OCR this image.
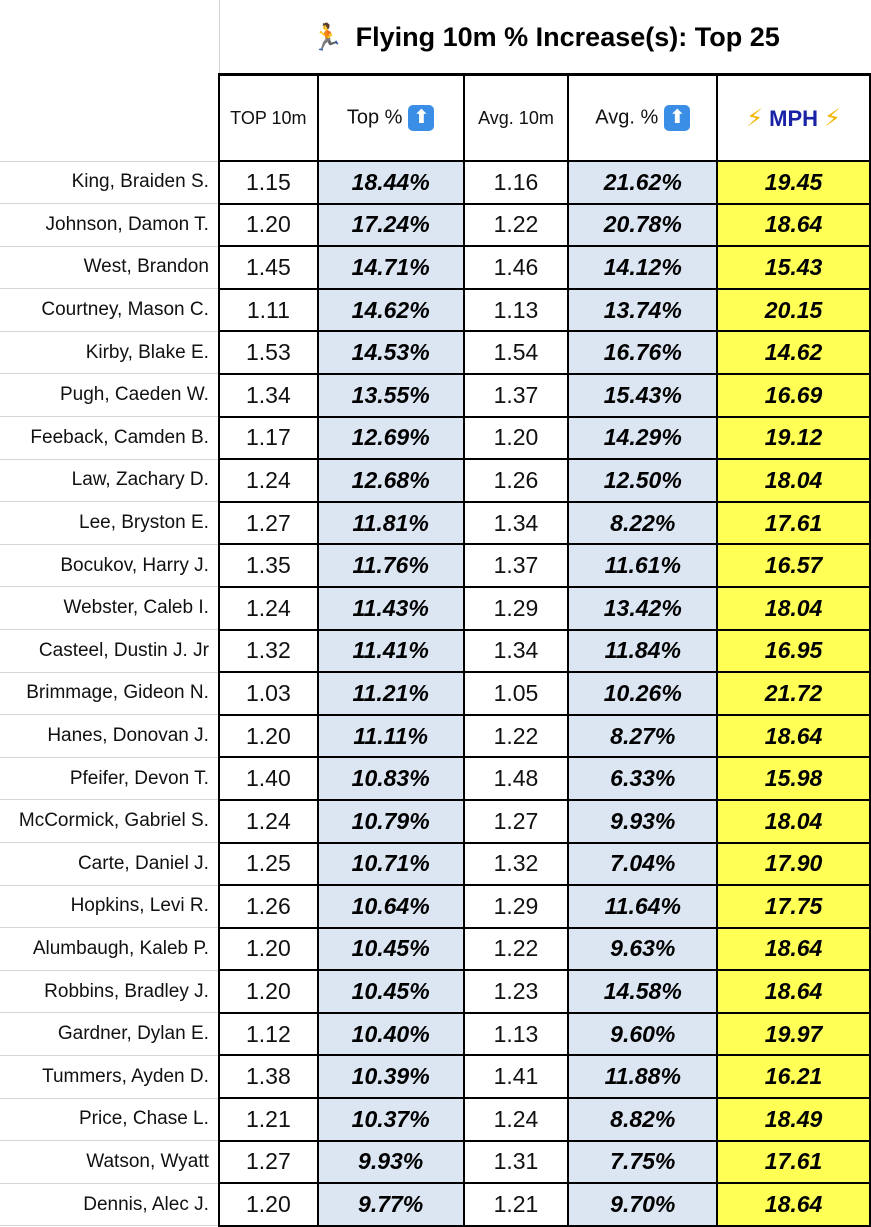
🏃 Flying 10m % Increase(s): Top 25
	TOP 10m	Top % ⬆	Avg. 10m	Avg. % ⬆	⚡ MPH ⚡
King, Braiden S.	1.15	18.44%	1.16	21.62%	19.45
Johnson, Damon T.	1.20	17.24%	1.22	20.78%	18.64
West, Brandon	1.45	14.71%	1.46	14.12%	15.43
Courtney, Mason C.	1.11	14.62%	1.13	13.74%	20.15
Kirby, Blake E.	1.53	14.53%	1.54	16.76%	14.62
Pugh, Caeden W.	1.34	13.55%	1.37	15.43%	16.69
Feeback, Camden B.	1.17	12.69%	1.20	14.29%	19.12
Law, Zachary D.	1.24	12.68%	1.26	12.50%	18.04
Lee, Bryston E.	1.27	11.81%	1.34	8.22%	17.61
Bocukov, Harry J.	1.35	11.76%	1.37	11.61%	16.57
Webster, Caleb I.	1.24	11.43%	1.29	13.42%	18.04
Casteel, Dustin J. Jr	1.32	11.41%	1.34	11.84%	16.95
Brimmage, Gideon N.	1.03	11.21%	1.05	10.26%	21.72
Hanes, Donovan J.	1.20	11.11%	1.22	8.27%	18.64
Pfeifer, Devon T.	1.40	10.83%	1.48	6.33%	15.98
McCormick, Gabriel S.	1.24	10.79%	1.27	9.93%	18.04
Carte, Daniel J.	1.25	10.71%	1.32	7.04%	17.90
Hopkins, Levi R.	1.26	10.64%	1.29	11.64%	17.75
Alumbaugh, Kaleb P.	1.20	10.45%	1.22	9.63%	18.64
Robbins, Bradley J.	1.20	10.45%	1.23	14.58%	18.64
Gardner, Dylan E.	1.12	10.40%	1.13	9.60%	19.97
Tummers, Ayden D.	1.38	10.39%	1.41	11.88%	16.21
Price, Chase L.	1.21	10.37%	1.24	8.82%	18.49
Watson, Wyatt	1.27	9.93%	1.31	7.75%	17.61
Dennis, Alec J.	1.20	9.77%	1.21	9.70%	18.64
